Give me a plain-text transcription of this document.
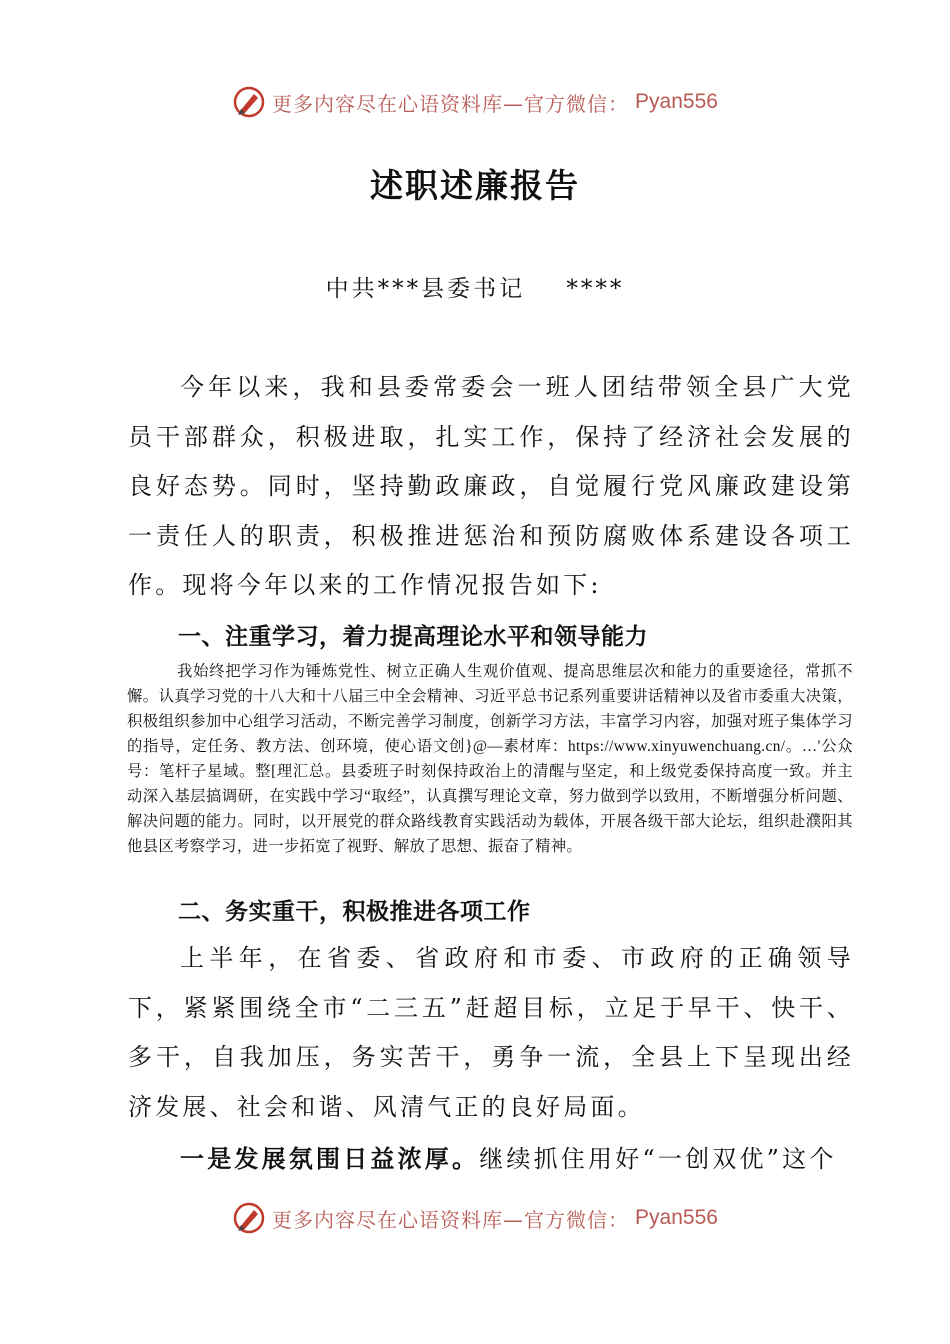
更多内容尽在心语资料库—官方微信： Pyan556
述职述廉报告
中共***县委书记    ****
今年以来，我和县委常委会一班人团结带领全县广大党员干部群众，积极进取，扎实工作，保持了经济社会发展的良好态势。同时，坚持勤政廉政，自觉履行党风廉政建设第一责任人的职责，积极推进惩治和预防腐败体系建设各项工作。现将今年以来的工作情况报告如下:
一、注重学习，着力提高理论水平和领导能力
我始终把学习作为锤炼党性、树立正确人生观价值观、提高思维层次和能力的重要途径，常抓不懈。认真学习党的十八大和十八届三中全会精神、习近平总书记系列重要讲话精神以及省市委重大决策，积极组织参加中心组学习活动，不断完善学习制度，创新学习方法，丰富学习内容，加强对班子集体学习的指导，定任务、教方法、创环境，使心语文创}@—素材库：https://www.xinyuwenchuang.cn/。…'公众号：笔杆子星域。整[理汇总。县委班子时刻保持政治上的清醒与坚定，和上级党委保持高度一致。并主动深入基层搞调研，在实践中学习“取经”，认真撰写理论文章，努力做到学以致用，不断增强分析问题、解决问题的能力。同时，以开展党的群众路线教育实践活动为载体，开展各级干部大论坛，组织赴濮阳其他县区考察学习，进一步拓宽了视野、解放了思想、振奋了精神。
二、务实重干，积极推进各项工作
上半年，在省委、省政府和市委、市政府的正确领导下，紧紧围绕全市“二三五”赶超目标，立足于早干、快干、多干，自我加压，务实苦干，勇争一流，全县上下呈现出经济发展、社会和谐、风清气正的良好局面。
一是发展氛围日益浓厚。继续抓住用好“一创双优”这个
更多内容尽在心语资料库—官方微信： Pyan556
